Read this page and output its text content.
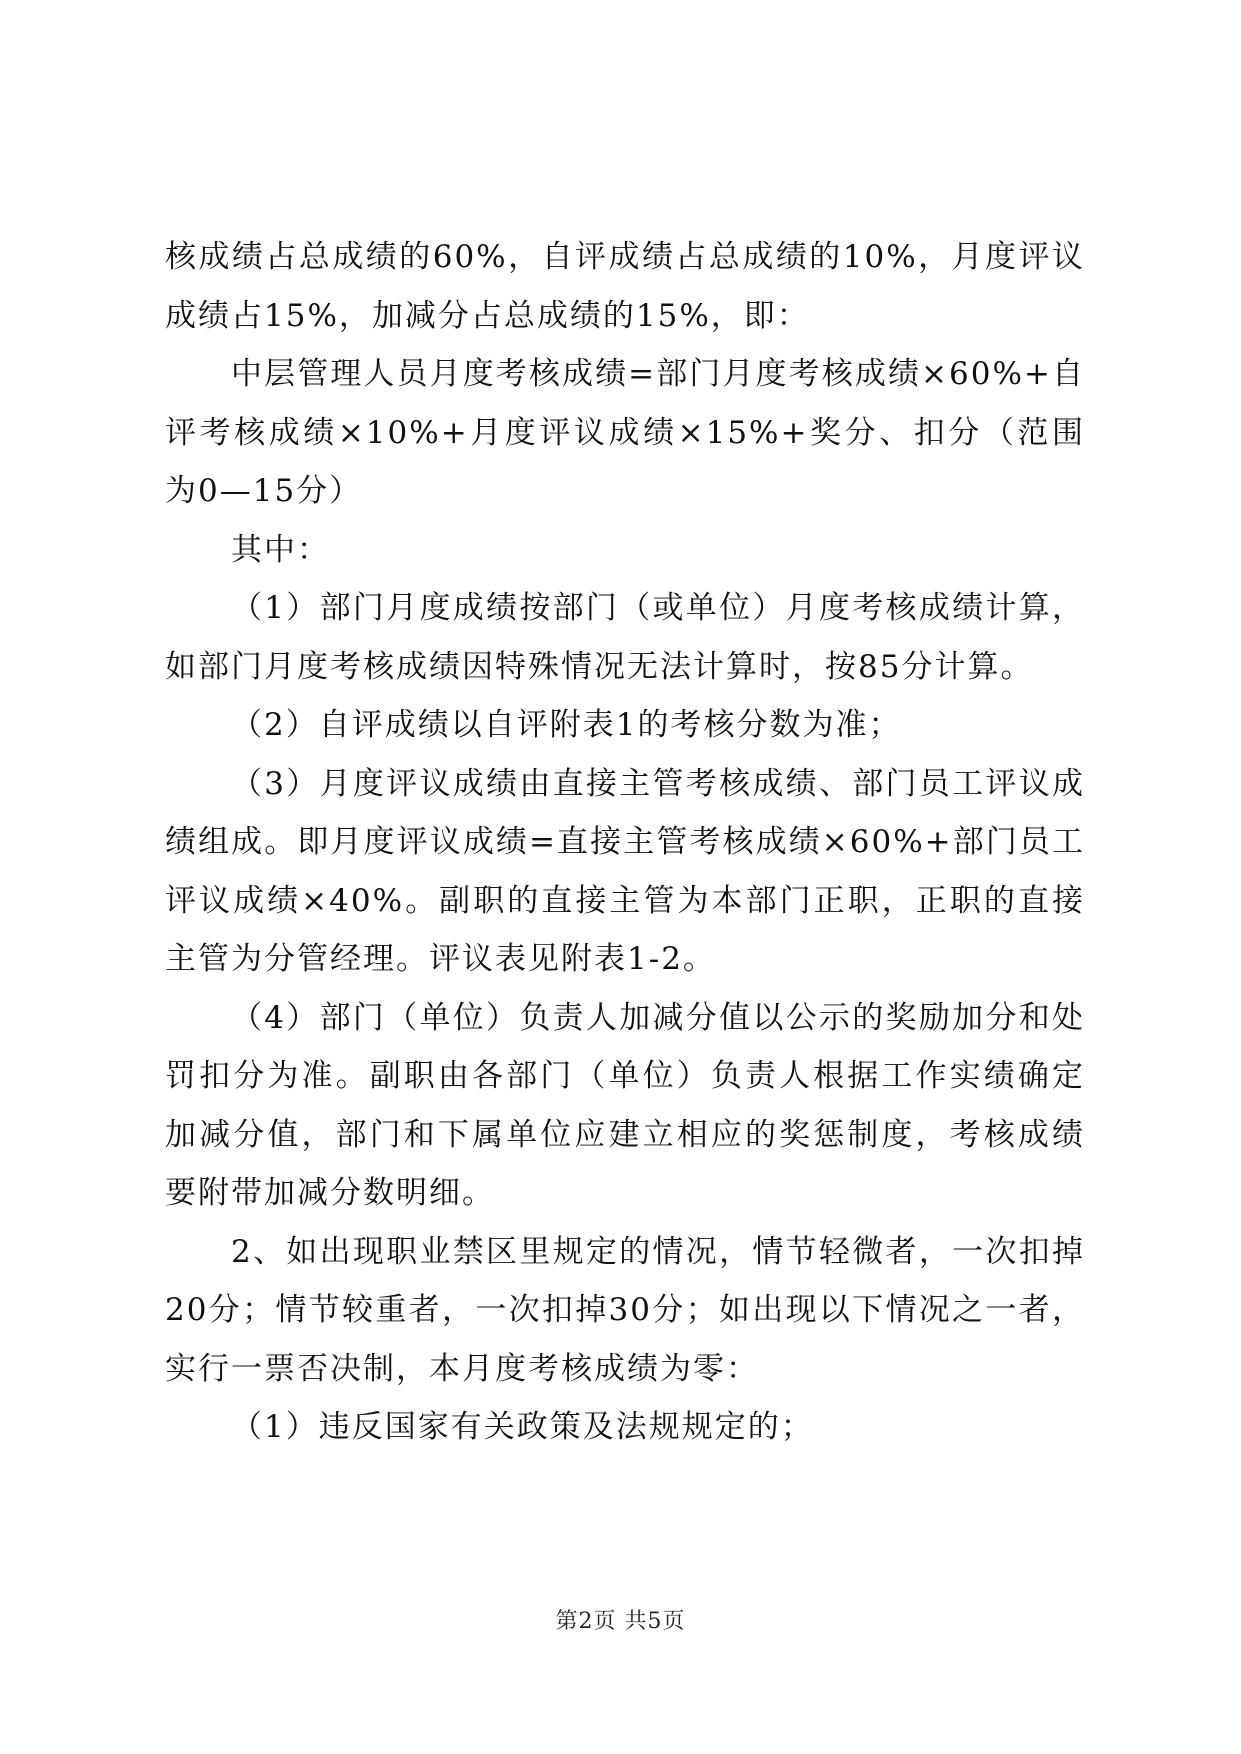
核成绩占总成绩的60%，自评成绩占总成绩的10%，月度评议成绩占15%，加减分占总成绩的15%，即：

中层管理人员月度考核成绩=部门月度考核成绩×60%+自评考核成绩×10%+月度评议成绩×15%+奖分、扣分（范围为0—15分）

其中：

（1）部门月度成绩按部门（或单位）月度考核成绩计算，如部门月度考核成绩因特殊情况无法计算时，按85分计算。

（2）自评成绩以自评附表1的考核分数为准；

（3）月度评议成绩由直接主管考核成绩、部门员工评议成绩组成。即月度评议成绩=直接主管考核成绩×60%+部门员工评议成绩×40%。副职的直接主管为本部门正职，正职的直接主管为分管经理。评议表见附表1-2。

（4）部门（单位）负责人加减分值以公示的奖励加分和处罚扣分为准。副职由各部门（单位）负责人根据工作实绩确定加减分值，部门和下属单位应建立相应的奖惩制度，考核成绩要附带加减分数明细。

2、如出现职业禁区里规定的情况，情节轻微者，一次扣掉20分；情节较重者，一次扣掉30分；如出现以下情况之一者，实行一票否决制，本月度考核成绩为零：

（1）违反国家有关政策及法规规定的；

第2页 共5页
